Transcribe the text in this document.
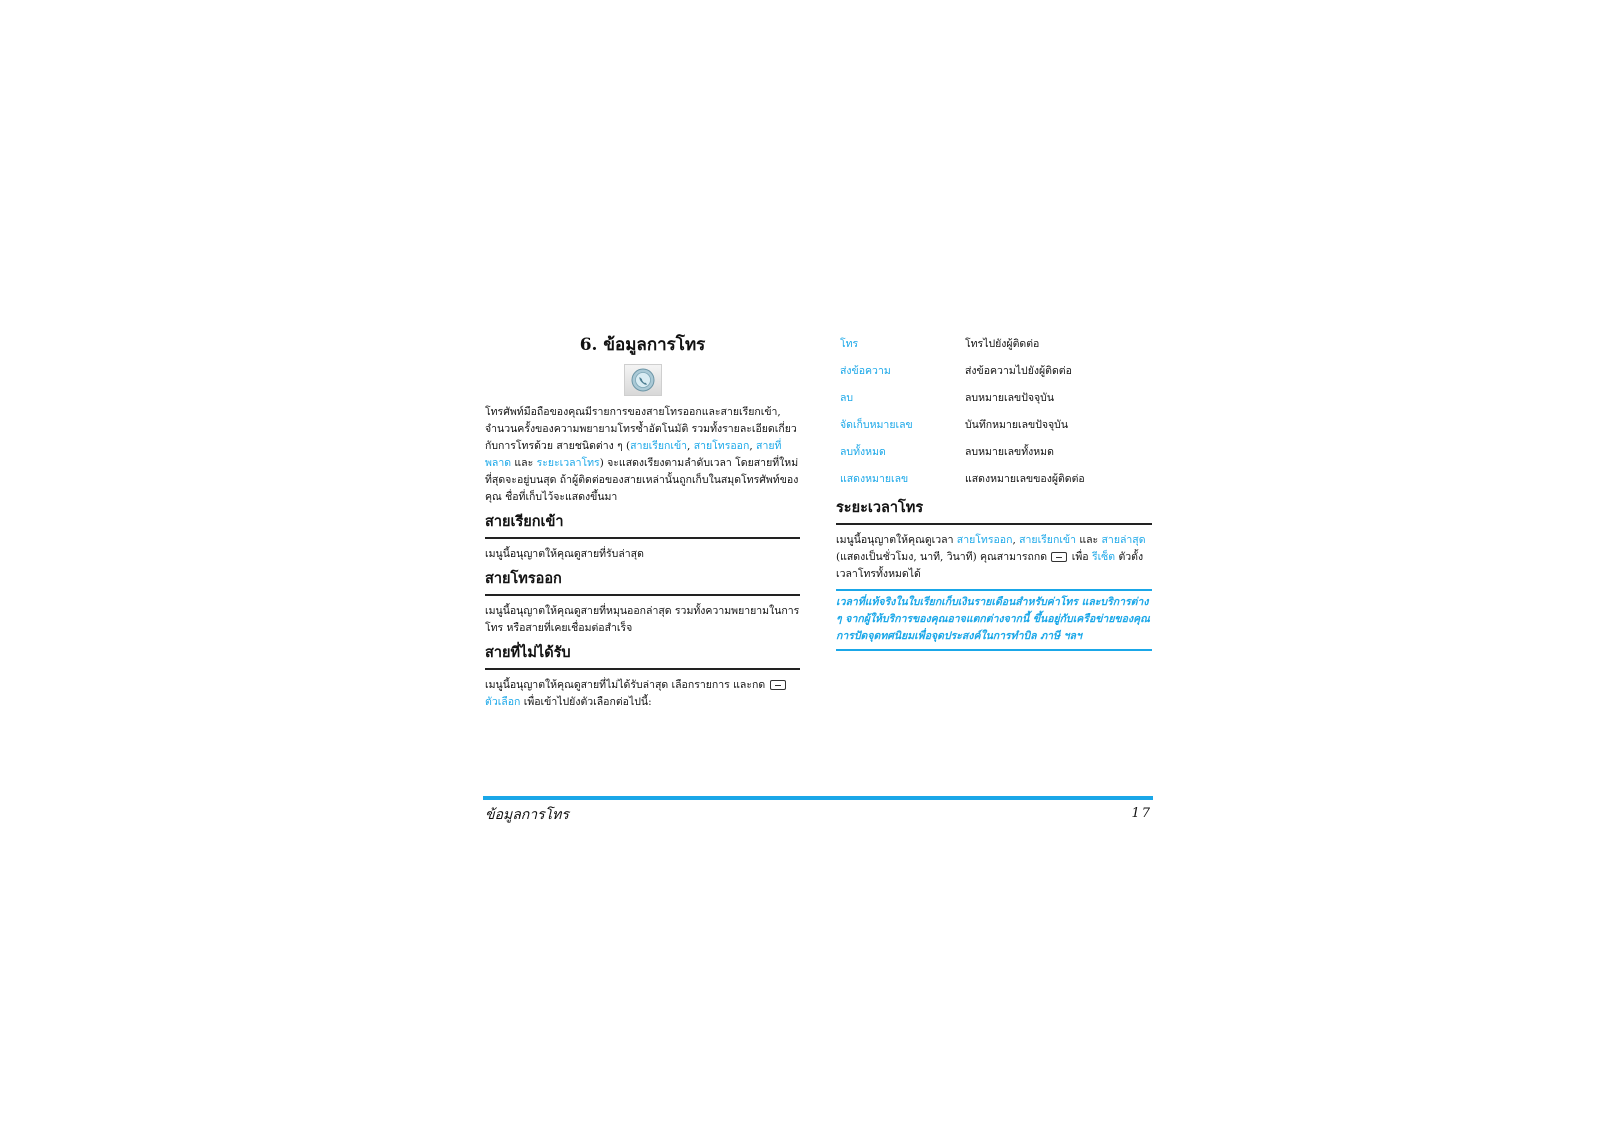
6. ข้อมูลการโทร

โทรศัพท์มือถือของคุณมีรายการของสายโทรออกและสายเรียกเข้า, จำนวนครั้งของความพยายามโทรซ้ำอัตโนมัติ รวมทั้งรายละเอียดเกี่ยวกับการโทรด้วย สายชนิดต่าง ๆ (สายเรียกเข้า, สายโทรออก, สายที่พลาด และ ระยะเวลาโทร) จะแสดงเรียงตามลำดับเวลา โดยสายที่ใหม่ที่สุดจะอยู่บนสุด ถ้าผู้ติดต่อของสายเหล่านั้นถูกเก็บในสมุดโทรศัพท์ของคุณ ชื่อที่เก็บไว้จะแสดงขึ้นมา

สายเรียกเข้า

เมนูนี้อนุญาตให้คุณดูสายที่รับล่าสุด

สายโทรออก

เมนูนี้อนุญาตให้คุณดูสายที่หมุนออกล่าสุด รวมทั้งความพยายามในการโทร หรือสายที่เคยเชื่อมต่อสำเร็จ

สายที่ไม่ได้รับ

เมนูนี้อนุญาตให้คุณดูสายที่ไม่ได้รับล่าสุด เลือกรายการ และกด  ตัวเลือก เพื่อเข้าไปยังตัวเลือกต่อไปนี้:

โทร	โทรไปยังผู้ติดต่อ
ส่งข้อความ	ส่งข้อความไปยังผู้ติดต่อ
ลบ	ลบหมายเลขปัจจุบัน
จัดเก็บหมายเลข	บันทึกหมายเลขปัจจุบัน
ลบทั้งหมด	ลบหมายเลขทั้งหมด
แสดงหมายเลข	แสดงหมายเลขของผู้ติดต่อ
ระยะเวลาโทร

เมนูนี้อนุญาตให้คุณดูเวลา สายโทรออก, สายเรียกเข้า และ สายล่าสุด (แสดงเป็นชั่วโมง, นาที, วินาที) คุณสามารถกด  เพื่อ รีเซ็ต ตัวตั้งเวลาโทรทั้งหมดได้

เวลาที่แท้จริงในใบเรียกเก็บเงินรายเดือนสำหรับค่าโทร และบริการต่าง ๆ จากผู้ให้บริการของคุณอาจแตกต่างจากนี้ ขึ้นอยู่กับเครือข่ายของคุณ การปัดจุดทศนิยมเพื่อจุดประสงค์ในการทำบิล ภาษี ฯลฯ
ข้อมูลการโทร	17
